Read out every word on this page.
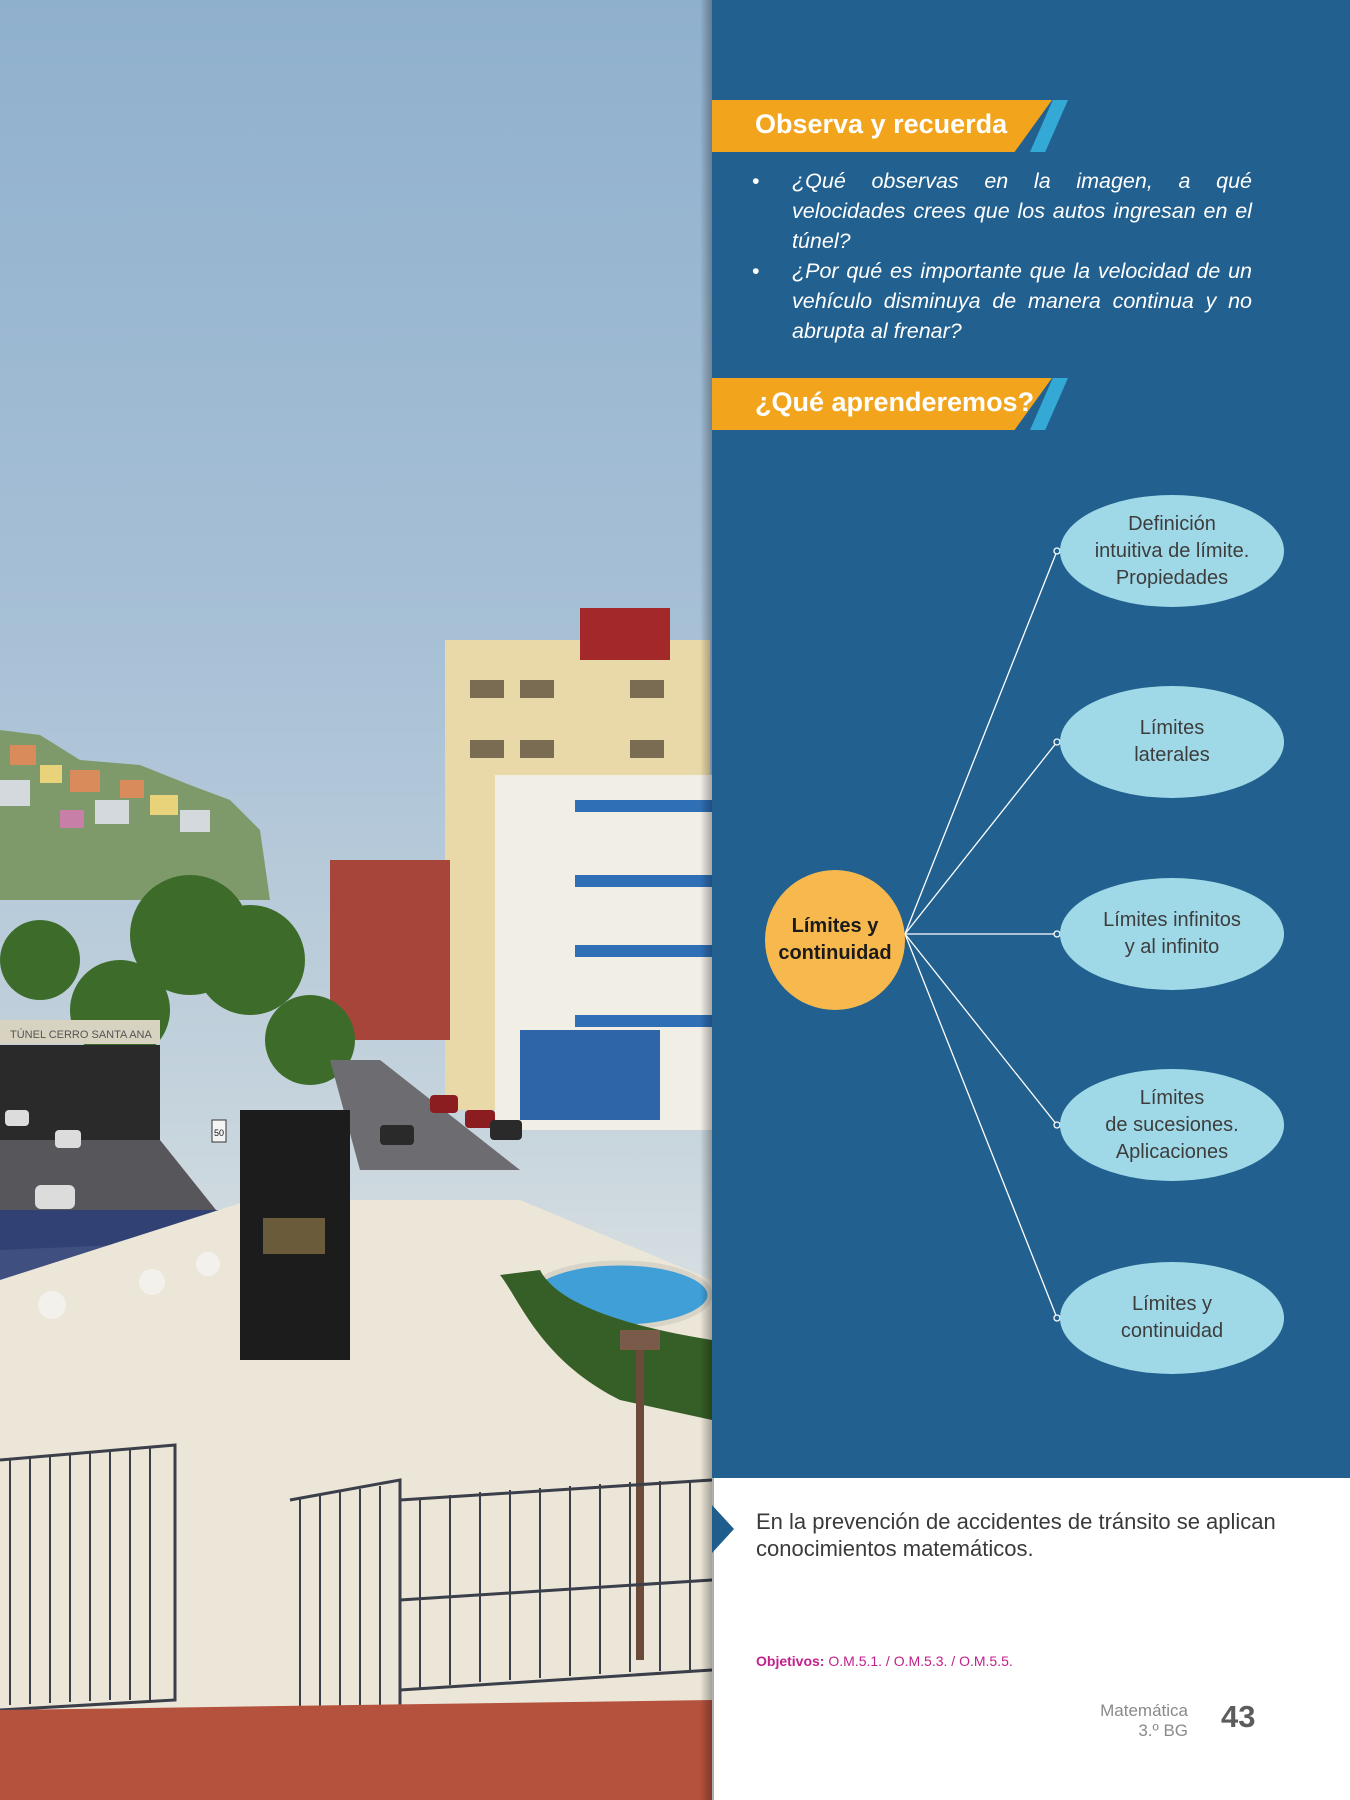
TÚNEL CERRO SANTA ANA
50
Observa y recuerda
• ¿Qué observas en la imagen, a qué velocidades crees que los autos ingresan en el túnel?
• ¿Por qué es importante que la velocidad de un vehículo disminuya de manera continua y no abrupta al frenar?
¿Qué aprenderemos?
Límites y continuidad
Definición
intuitiva de límite.
Propiedades
Límites
laterales
Límites infinitos
y al infinito
Límites
de sucesiones.
Aplicaciones
Límites y
continuidad

En la prevención de accidentes de tránsito se aplican conocimientos matemáticos.

Objetivos: O.M.5.1. / O.M.5.3. / O.M.5.5.
Matemática
3.º BG 43
